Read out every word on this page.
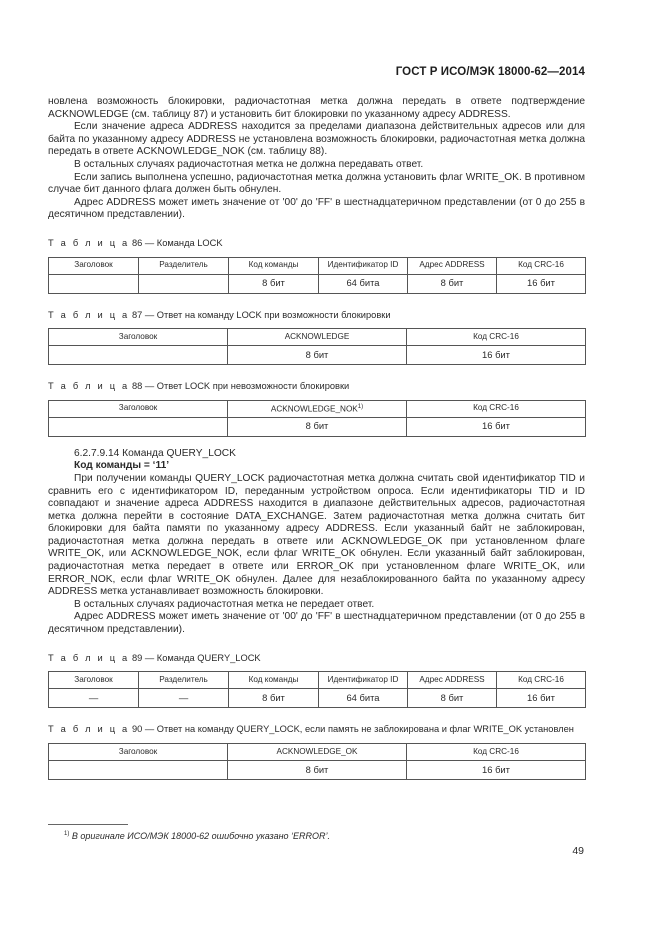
ГОСТ Р ИСО/МЭК 18000-62—2014

новлена возможность блокировки, радиочастотная метка должна передать в ответе подтверждение ACKNOWLEDGE (см. таблицу 87) и установить бит блокировки по указанному адресу ADDRESS.

Если значение адреса ADDRESS находится за пределами диапазона действительных адресов или для байта по указанному адресу ADDRESS не установлена возможность блокировки, радиочастотная метка должна передать в ответе ACKNOWLEDGE_NOK (см. таблицу 88).

В остальных случаях радиочастотная метка не должна передавать ответ.

Если запись выполнена успешно, радиочастотная метка должна установить флаг WRITE_OK. В противном случае бит данного флага должен быть обнулен.

Адрес ADDRESS может иметь значение от '00' до 'FF' в шестнадцатеричном представлении (от 0 до 255 в десятичном представлении).

Т а б л и ц а 86 — Команда LOCK
Заголовок	Разделитель	Код команды	Идентификатор ID	Адрес ADDRESS	Код CRC-16
		8 бит	64 бита	8 бит	16 бит
Т а б л и ц а 87 — Ответ на команду LOCK при возможности блокировки
Заголовок	ACKNOWLEDGE	Код CRC-16
	8 бит	16 бит
Т а б л и ц а 88 — Ответ LOCK при невозможности блокировки
Заголовок	ACKNOWLEDGE_NOK$^{1)}$	Код CRC-16
	8 бит	16 бит

6.2.7.9.14 Команда QUERY_LOCK

Код команды = ‘11’

При получении команды QUERY_LOCK радиочастотная метка должна считать свой идентификатор TID и сравнить его с идентификатором ID, переданным устройством опроса. Если идентификаторы TID и ID совпадают и значение адреса ADDRESS находится в диапазоне действительных адресов, радиочастотная метка должна перейти в состояние DATA_EXCHANGE. Затем радиочастотная метка должна считать бит блокировки для байта памяти по указанному адресу ADDRESS. Если указанный байт не заблокирован, радиочастотная метка должна передать в ответе или ACKNOWLEDGE_OK при установленном флаге WRITE_OK, или ACKNOWLEDGE_NOK, если флаг WRITE_OK обнулен. Если указанный байт заблокирован, радиочастотная метка передает в ответе или ERROR_OK при установленном флаге WRITE_OK, или ERROR_NOK, если флаг WRITE_OK обнулен. Далее для незаблокированного байта по указанному адресу ADDRESS метка устанавливает возможность блокировки.

В остальных случаях радиочастотная метка не передает ответ.

Адрес ADDRESS может иметь значение от '00' до 'FF' в шестнадцатеричном представлении (от 0 до 255 в десятичном представлении).

Т а б л и ц а 89 — Команда QUERY_LOCK
Заголовок	Разделитель	Код команды	Идентификатор ID	Адрес ADDRESS	Код CRC-16
—	—	8 бит	64 бита	8 бит	16 бит
Т а б л и ц а 90 — Ответ на команду QUERY_LOCK, если память не заблокирована и флаг WRITE_OK установлен
Заголовок	ACKNOWLEDGE_OK	Код CRC-16
	8 бит	16 бит
$^{1)}$ В оригинале ИСО/МЭК 18000-62 ошибочно указано ‘ERROR’.
49
